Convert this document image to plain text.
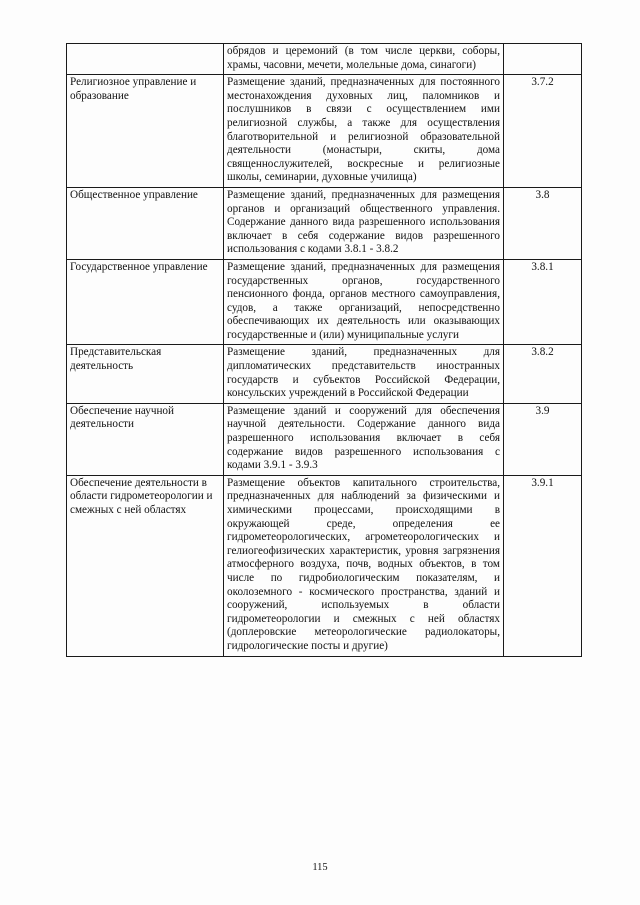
	обрядов и церемоний (в том числе церкви, соборы, храмы, часовни, мечети, молельные дома, синагоги)	
Религиозное управление и образование	Размещение зданий, предназначенных для постоянного местонахождения духовных лиц, паломников и послушников в связи с осуществлением ими религиозной службы, а также для осуществления благотворительной и религиозной образовательной деятельности (монастыри, скиты, дома священнослужителей, воскресные и религиозные школы, семинарии, духовные училища)	3.7.2
Общественное управление	Размещение зданий, предназначенных для размещения органов и организаций общественного управления. Содержание данного вида разрешенного использования включает в себя содержание видов разрешенного использования с кодами 3.8.1 - 3.8.2	3.8
Государственное управление	Размещение зданий, предназначенных для размещения государственных органов, государственного пенсионного фонда, органов местного самоуправления, судов, а также организаций, непосредственно обеспечивающих их деятельность или оказывающих государственные и (или) муниципальные услуги	3.8.1
Представительская деятельность	Размещение зданий, предназначенных для дипломатических представительств иностранных государств и субъектов Российской Федерации, консульских учреждений в Российской Федерации	3.8.2
Обеспечение научной деятельности	Размещение зданий и сооружений для обеспечения научной деятельности. Содержание данного вида разрешенного использования включает в себя содержание видов разрешенного использования с кодами 3.9.1 - 3.9.3	3.9
Обеспечение деятельности в области гидрометеорологии и смежных с ней областях	Размещение объектов капитального строительства, предназначенных для наблюдений за физическими и химическими процессами, происходящими в окружающей среде, определения ее гидрометеорологических, агрометеорологических и гелиогеофизических характеристик, уровня загрязнения атмосферного воздуха, почв, водных объектов, в том числе по гидробиологическим показателям, и околоземного - космического пространства, зданий и сооружений, используемых в области гидрометеорологии и смежных с ней областях (доплеровские метеорологические радиолокаторы, гидрологические посты и другие)	3.9.1
115
